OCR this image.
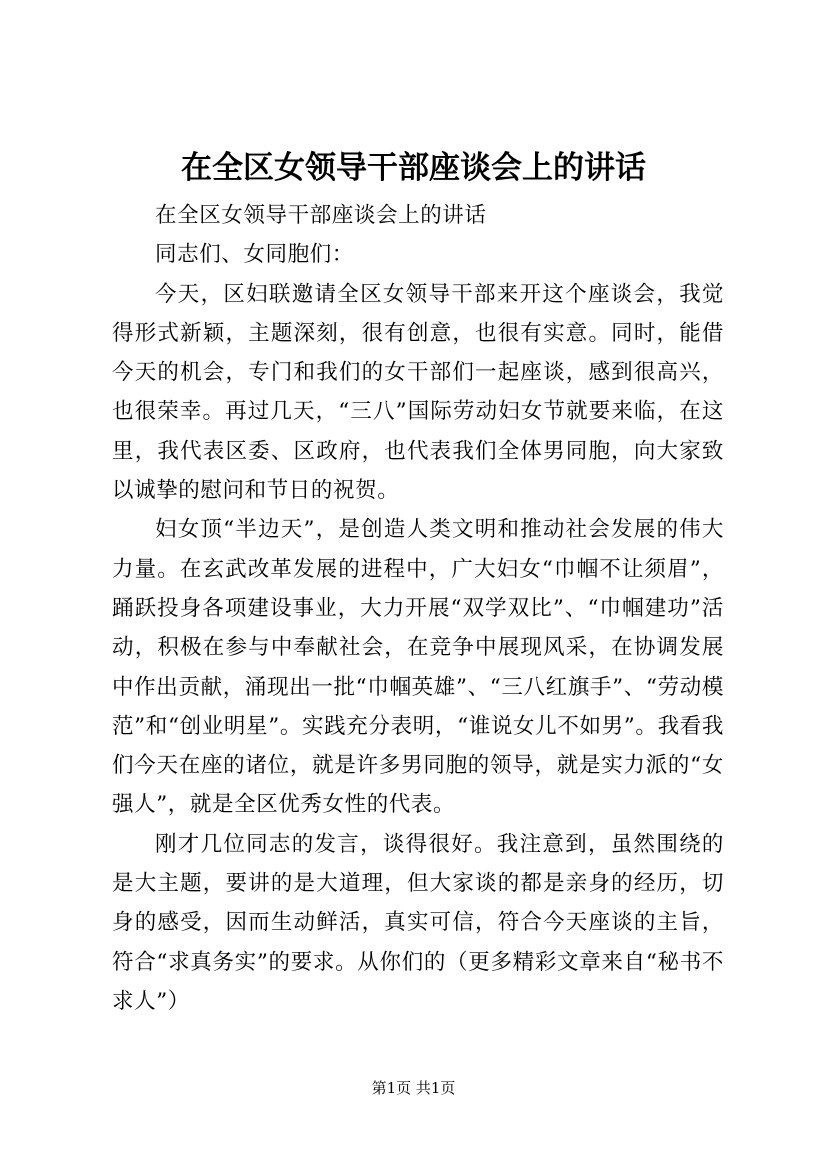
在全区女领导干部座谈会上的讲话

在全区女领导干部座谈会上的讲话

同志们、女同胞们：

今天，区妇联邀请全区女领导干部来开这个座谈会，我觉得形式新颖，主题深刻，很有创意，也很有实意。同时，能借今天的机会，专门和我们的女干部们一起座谈，感到很高兴，也很荣幸。再过几天，“三八”国际劳动妇女节就要来临，在这里，我代表区委、区政府，也代表我们全体男同胞，向大家致以诚挚的慰问和节日的祝贺。

妇女顶“半边天”，是创造人类文明和推动社会发展的伟大力量。在玄武改革发展的进程中，广大妇女“巾帼不让须眉”，踊跃投身各项建设事业，大力开展“双学双比”、“巾帼建功”活动，积极在参与中奉献社会，在竞争中展现风采，在协调发展中作出贡献，涌现出一批“巾帼英雄”、“三八红旗手”、“劳动模范”和“创业明星”。实践充分表明，“谁说女儿不如男”。我看我们今天在座的诸位，就是许多男同胞的领导，就是实力派的“女强人”，就是全区优秀女性的代表。

刚才几位同志的发言，谈得很好。我注意到，虽然围绕的是大主题，要讲的是大道理，但大家谈的都是亲身的经历，切身的感受，因而生动鲜活，真实可信，符合今天座谈的主旨，符合“求真务实”的要求。从你们的（更多精彩文章来自“秘书不求人”）

第1页 共1页
